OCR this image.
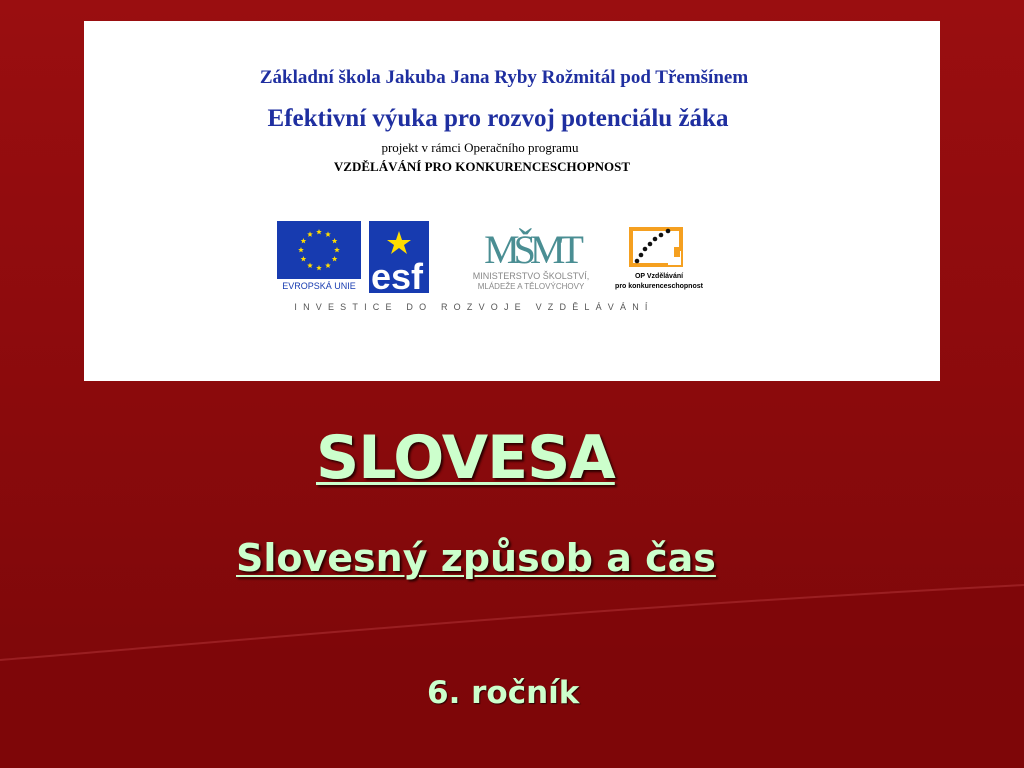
Základní škola Jakuba Jana Ryby Rožmitál pod Třemšínem
Efektivní výuka pro rozvoj potenciálu žáka
projekt v rámci Operačního programu
VZDĚLÁVÁNÍ PRO KONKURENCESCHOPNOST
EVROPSKÁ UNIE esf
MŠMT
MINISTERSTVO ŠKOLSTVÍ,
MLÁDEŽE A TĚLOVÝCHOVY
OP Vzdělávání
pro konkurenceschopnost
INVESTICE DO ROZVOJE VZDĚLÁVÁNÍ
SLOVESA
Slovesný způsob a čas
6. ročník
